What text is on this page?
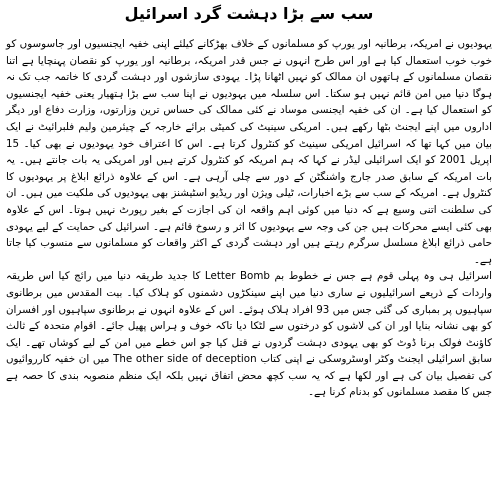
سب سے بڑا دہشت گرد اسرائیل

یہودیوں نے امریکہ، برطانیہ اور یورپ کو مسلمانوں کے خلاف بھڑکانے کیلئے اپنی خفیہ ایجنسیوں اور جاسوسوں کو خوب خوب استعمال کیا ہے اور اس طرح انہوں نے جس قدر امریکہ، برطانیہ اور یورپ کو نقصان پہنچایا ہے اتنا نقصان مسلمانوں کے ہاتھوں ان ممالک کو نہیں اٹھانا پڑا۔ یہودی سازشوں اور دہشت گردی کا خاتمہ جب تک نہ ہوگا دنیا میں امن قائم نہیں ہو سکتا۔ اس سلسلہ میں یہودیوں نے اپنا سب سے بڑا ہتھیار یعنی خفیہ ایجنسیوں کو استعمال کیا ہے۔ ان کی خفیہ ایجنسی موساد نے کئی ممالک کی حساس ترین وزارتوں، وزارت دفاع اور دیگر اداروں میں اپنے ایجنٹ بٹھا رکھے ہیں۔ امریکی سینیٹ کی کمیٹی برائے خارجہ کے چیئرمین ولیم فلبرائیٹ نے ایک بیان میں کہا تھا کہ اسرائیل امریکی سینیٹ کو کنٹرول کرتا ہے۔ اس کا اعتراف خود یہودیوں نے بھی کیا۔ 15 اپریل 2001 کو ایک اسرائیلی لیڈر نے کہا کہ ہم امریکہ کو کنٹرول کرتے ہیں اور امریکی یہ بات جانتے ہیں۔ یہ بات امریکہ کے سابق صدر جارج واشنگٹن کے دور سے چلی آرہی ہے۔ اس کے علاوہ ذرائع ابلاغ پر یہودیوں کا کنٹرول ہے۔ امریکہ کے سب سے بڑے اخبارات، ٹیلی ویژن اور ریڈیو اسٹیشنز بھی یہودیوں کی ملکیت میں ہیں۔ ان کی سلطنت اتنی وسیع ہے کہ دنیا میں کوئی اہم واقعہ ان کی اجازت کے بغیر رپورٹ نہیں ہوتا۔ اس کے علاوہ بھی کئی ایسے محرکات ہیں جن کی وجہ سے یہودیوں کا اثر و رسوخ قائم ہے۔ اسرائیل کی حمایت کے لیے یہودی حامی ذرائع ابلاغ مسلسل سرگرم رہتے ہیں اور دہشت گردی کے اکثر واقعات کو مسلمانوں سے منسوب کیا جاتا ہے۔

اسرائیل ہی وہ پہلی قوم ہے جس نے خطوط بم Letter Bomb کا جدید طریقہ دنیا میں رائج کیا اس طریقہ واردات کے ذریعے اسرائیلیوں نے ساری دنیا میں اپنے سینکڑوں دشمنوں کو ہلاک کیا۔ بیت المقدس میں برطانوی سپاہیوں پر بمباری کی گئی جس میں 93 افراد ہلاک ہوئے۔ اس کے علاوہ انہوں نے برطانوی سپاہیوں اور افسران کو بھی نشانہ بنایا اور ان کی لاشوں کو درختوں سے لٹکا دیا تاکہ خوف و ہراس پھیل جائے۔ اقوام متحدہ کے ثالث کاؤنٹ فولک برنا ڈوٹ کو بھی یہودی دہشت گردوں نے قتل کیا جو اس خطے میں امن کے لیے کوشاں تھے۔ ایک سابق اسرائیلی ایجنٹ وکٹر اوسٹروسکی نے اپنی کتاب The other side of deception میں ان خفیہ کارروائیوں کی تفصیل بیان کی ہے اور لکھا ہے کہ یہ سب کچھ محض اتفاق نہیں بلکہ ایک منظم منصوبہ بندی کا حصہ ہے جس کا مقصد مسلمانوں کو بدنام کرنا ہے۔
